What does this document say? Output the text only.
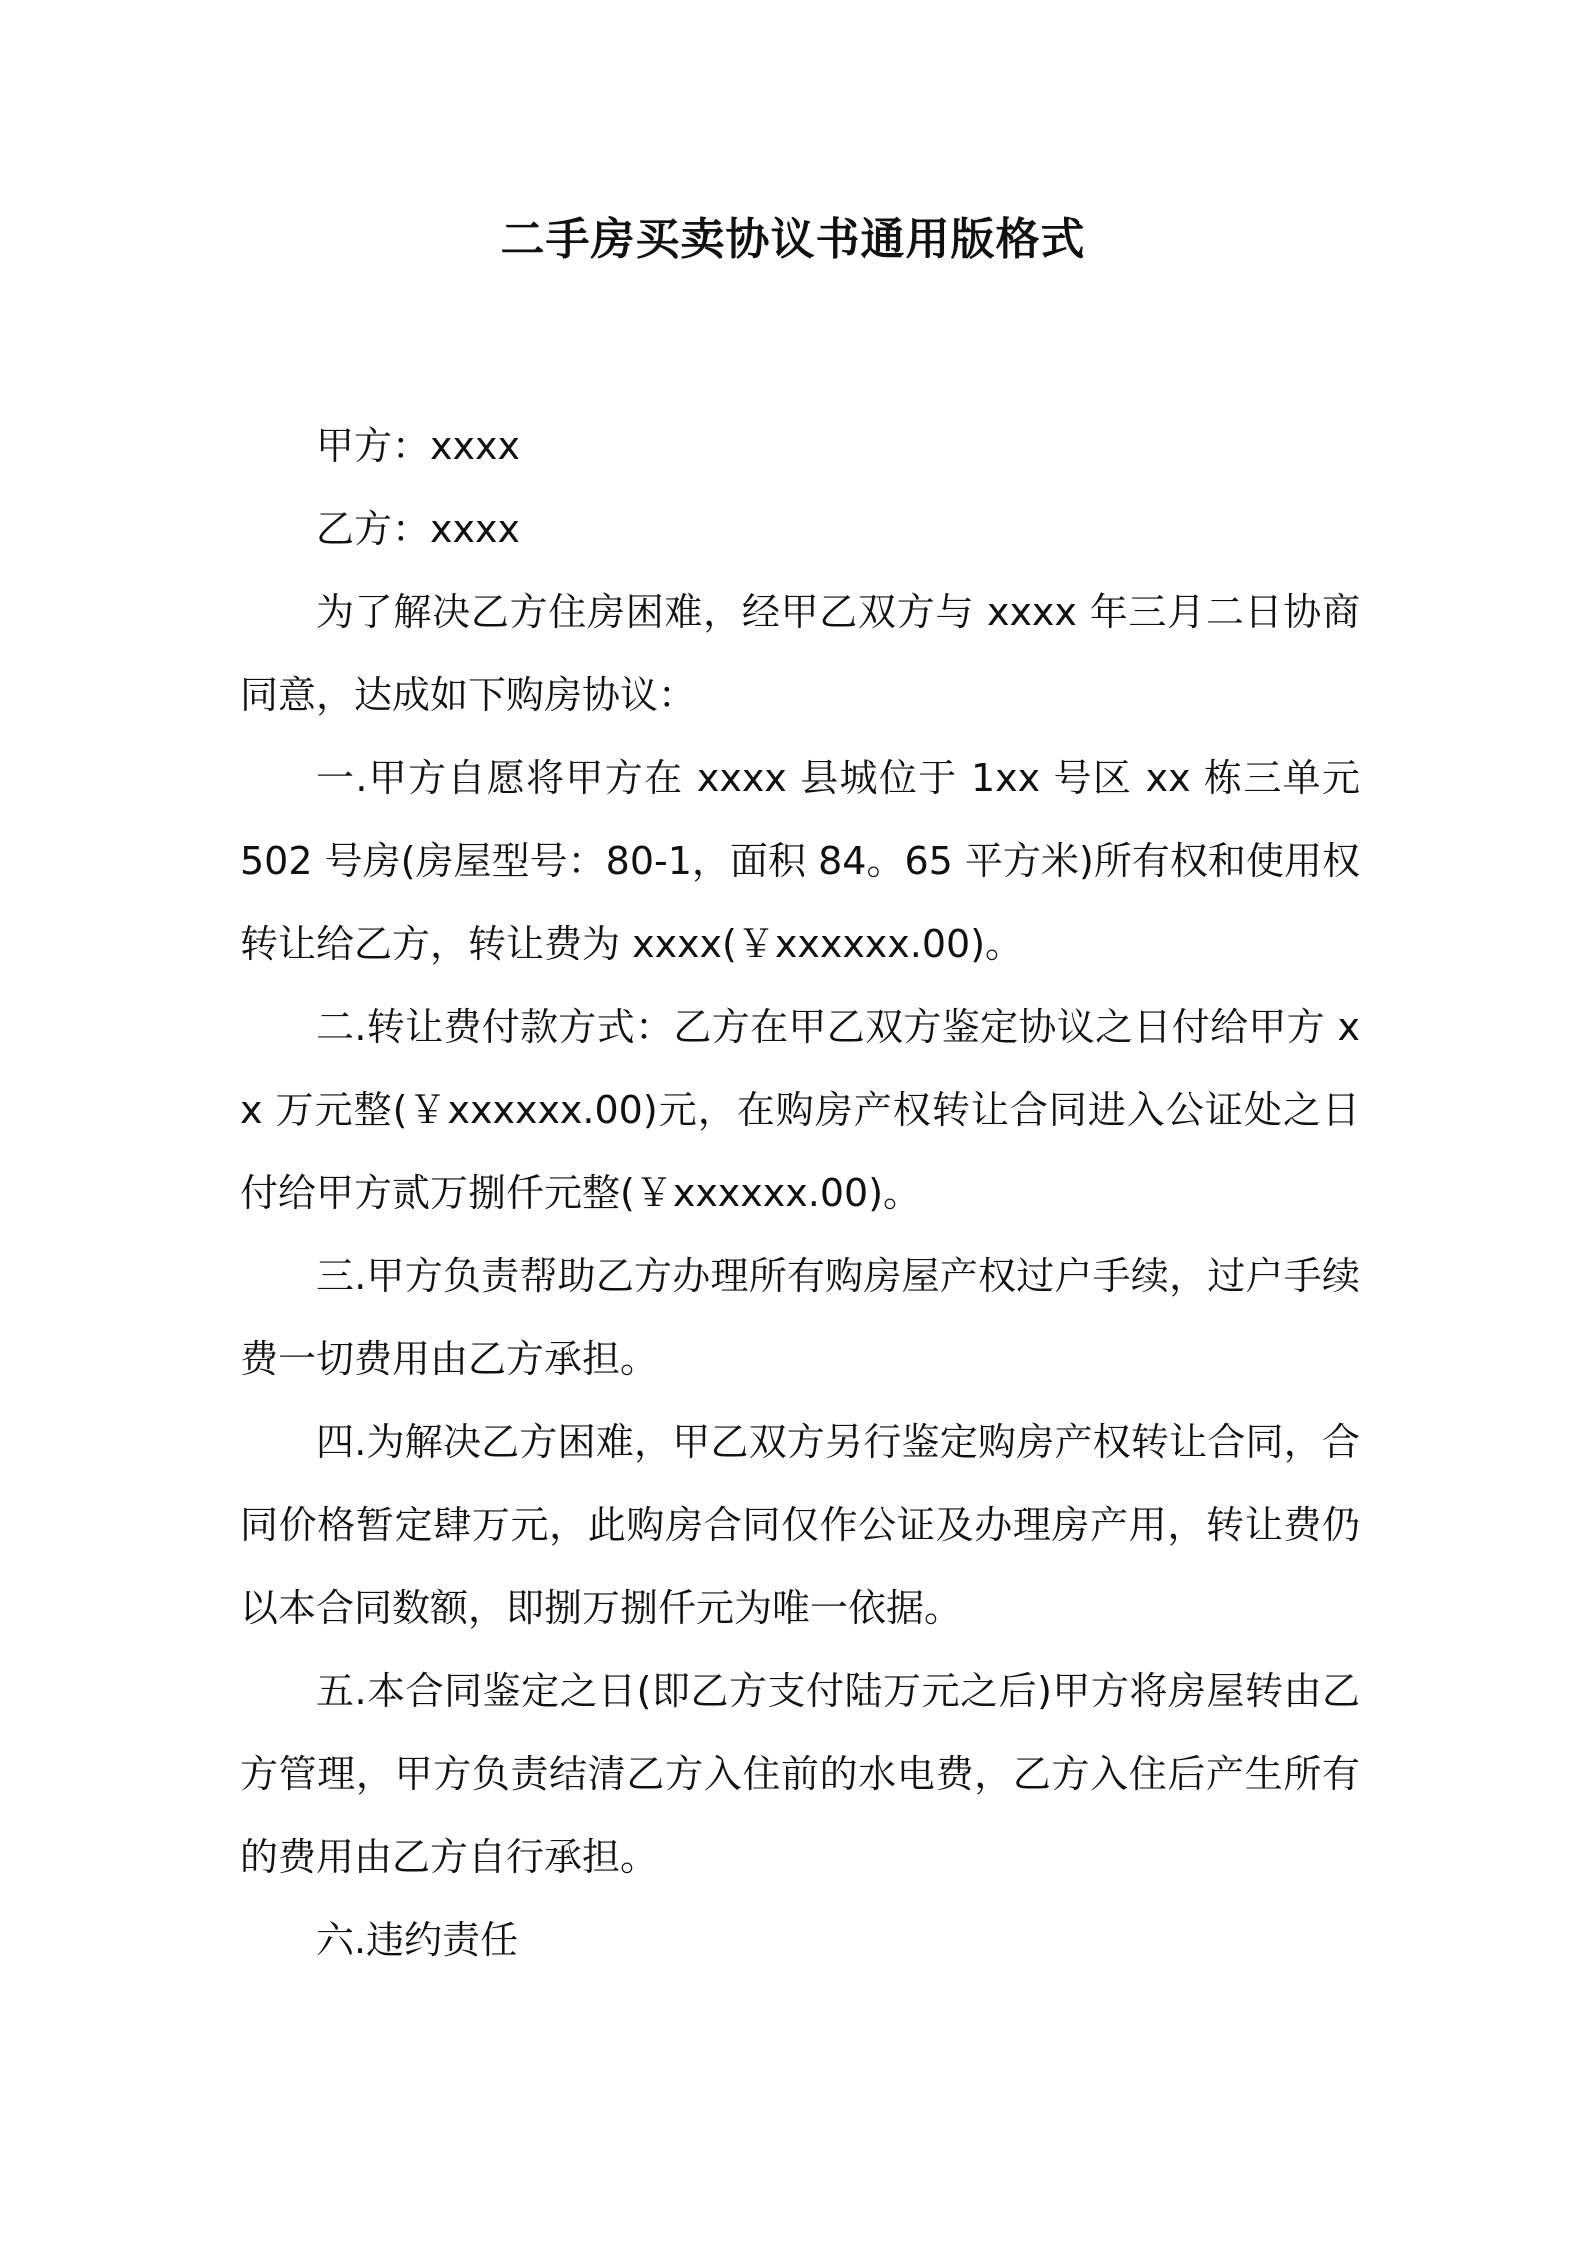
二手房买卖协议书通用版格式

甲方：xxxx

乙方：xxxx

为了解决乙方住房困难，经甲乙双方与 xxxx 年三月二日协商同意，达成如下购房协议：

一.甲方自愿将甲方在 xxxx 县城位于 1xx 号区 xx 栋三单元 502 号房(房屋型号：80-1，面积 84。65 平方米)所有权和使用权转让给乙方，转让费为 xxxx(￥xxxxxx.00)。

二.转让费付款方式：乙方在甲乙双方鉴定协议之日付给甲方 xx 万元整(￥xxxxxx.00)元，在购房产权转让合同进入公证处之日付给甲方贰万捌仟元整(￥xxxxxx.00)。

三.甲方负责帮助乙方办理所有购房屋产权过户手续，过户手续费一切费用由乙方承担。

四.为解决乙方困难，甲乙双方另行鉴定购房产权转让合同，合同价格暂定肆万元，此购房合同仅作公证及办理房产用，转让费仍以本合同数额，即捌万捌仟元为唯一依据。

五.本合同鉴定之日(即乙方支付陆万元之后)甲方将房屋转由乙方管理，甲方负责结清乙方入住前的水电费，乙方入住后产生所有的费用由乙方自行承担。

六.违约责任
